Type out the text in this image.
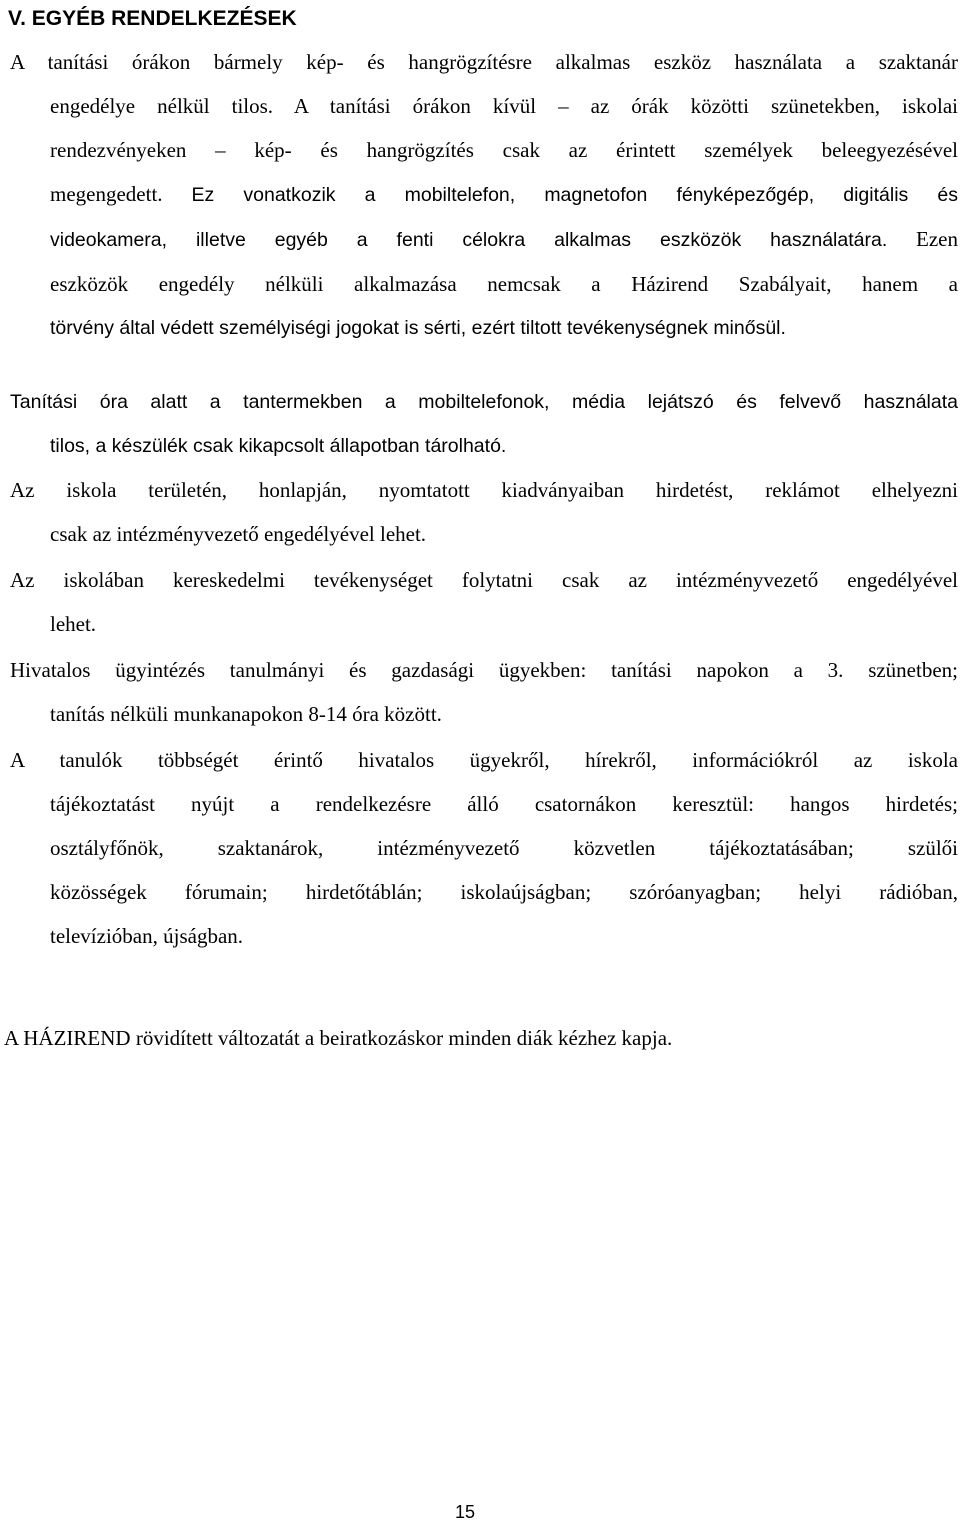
V. EGYÉB RENDELKEZÉSEK
A tanítási órákon bármely kép- és hangrögzítésre alkalmas eszköz használata a szaktanár
engedélye nélkül tilos. A tanítási órákon kívül – az órák közötti szünetekben, iskolai
rendezvényeken – kép- és hangrögzítés csak az érintett személyek beleegyezésével
megengedett. Ez vonatkozik a mobiltelefon, magnetofon fényképezőgép, digitális és
videokamera, illetve egyéb a fenti célokra alkalmas eszközök használatára. Ezen
eszközök engedély nélküli alkalmazása nemcsak a Házirend Szabályait, hanem a
törvény által védett személyiségi jogokat is sérti, ezért tiltott tevékenységnek minősül.
Tanítási óra alatt a tantermekben a mobiltelefonok, média lejátszó és felvevő használata
tilos, a készülék csak kikapcsolt állapotban tárolható.
Az iskola területén, honlapján, nyomtatott kiadványaiban hirdetést, reklámot elhelyezni
csak az intézményvezető engedélyével lehet.
Az iskolában kereskedelmi tevékenységet folytatni csak az intézményvezető engedélyével
lehet.
Hivatalos ügyintézés tanulmányi és gazdasági ügyekben: tanítási napokon a 3. szünetben;
tanítás nélküli munkanapokon 8-14 óra között.
A tanulók többségét érintő hivatalos ügyekről, hírekről, információkról az iskola
tájékoztatást nyújt a rendelkezésre álló csatornákon keresztül: hangos hirdetés;
osztályfőnök, szaktanárok, intézményvezető közvetlen tájékoztatásában; szülői
közösségek fórumain; hirdetőtáblán; iskolaújságban; szóróanyagban; helyi rádióban,
televízióban, újságban.
A HÁZIREND rövidített változatát a beiratkozáskor minden diák kézhez kapja.
15
